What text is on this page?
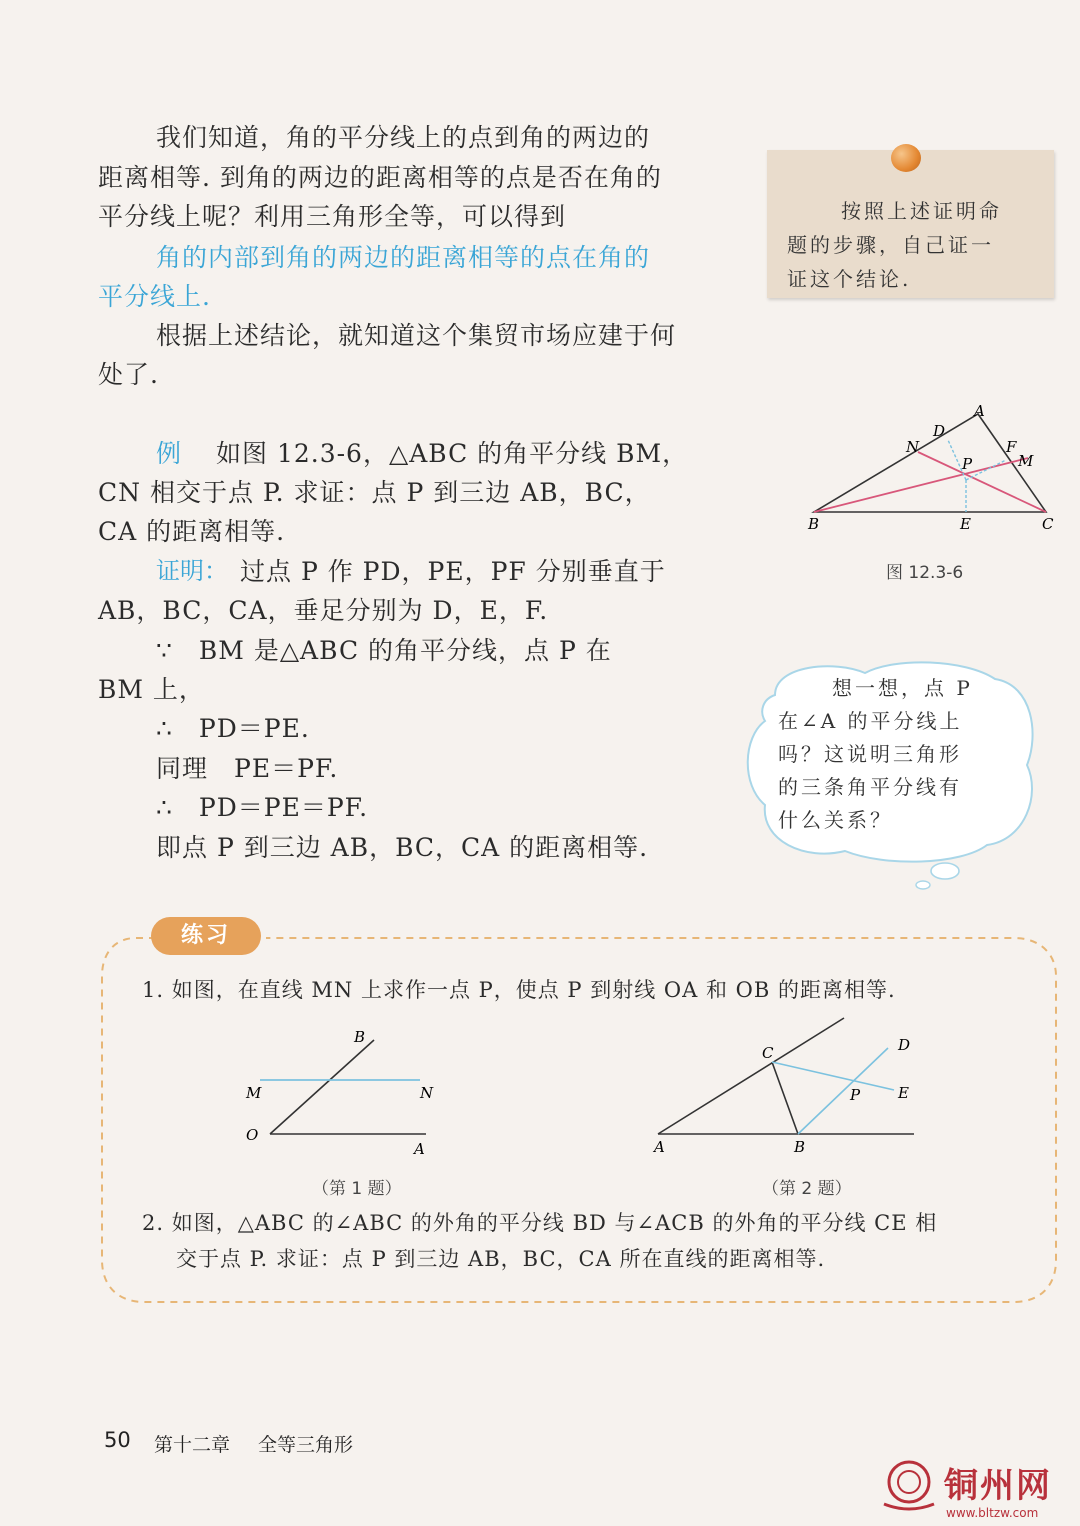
我们知道，角的平分线上的点到角的两边的
距离相等. 到角的两边的距离相等的点是否在角的
平分线上呢？利用三角形全等，可以得到
角的内部到角的两边的距离相等的点在角的
平分线上.
根据上述结论，就知道这个集贸市场应建于何
处了.
例 如图 12.3-6，△ABC 的角平分线 BM，
CN 相交于点 P. 求证：点 P 到三边 AB，BC，
CA 的距离相等.
证明： 过点 P 作 PD，PE，PF 分别垂直于
AB，BC，CA，垂足分别为 D，E，F.
∵　BM 是△ABC 的角平分线，点 P 在
BM 上，
∴　PD＝PE.
同理　PE＝PF.
∴　PD＝PE＝PF.
即点 P 到三边 AB，BC，CA 的距离相等.
按照上述证明命
题的步骤，自己证一
证这个结论.
A
B	C
D
E
F
M
N
P
图 12.3-6
想一想，点 P
在∠A 的平分线上
吗？这说明三角形
的三条角平分线有
什么关系？
练习
1. 如图，在直线 MN 上求作一点 P，使点 P 到射线 OA 和 OB 的距离相等.
B
M	N
O
A
（第 1 题）
C	D
P	E
A	B
（第 2 题）
2. 如图，△ABC 的∠ABC 的外角的平分线 BD 与∠ACB 的外角的平分线 CE 相
交于点 P. 求证：点 P 到三边 AB，BC，CA 所在直线的距离相等.
50 第十二章 全等三角形
铜州网
www.bltzw.com
